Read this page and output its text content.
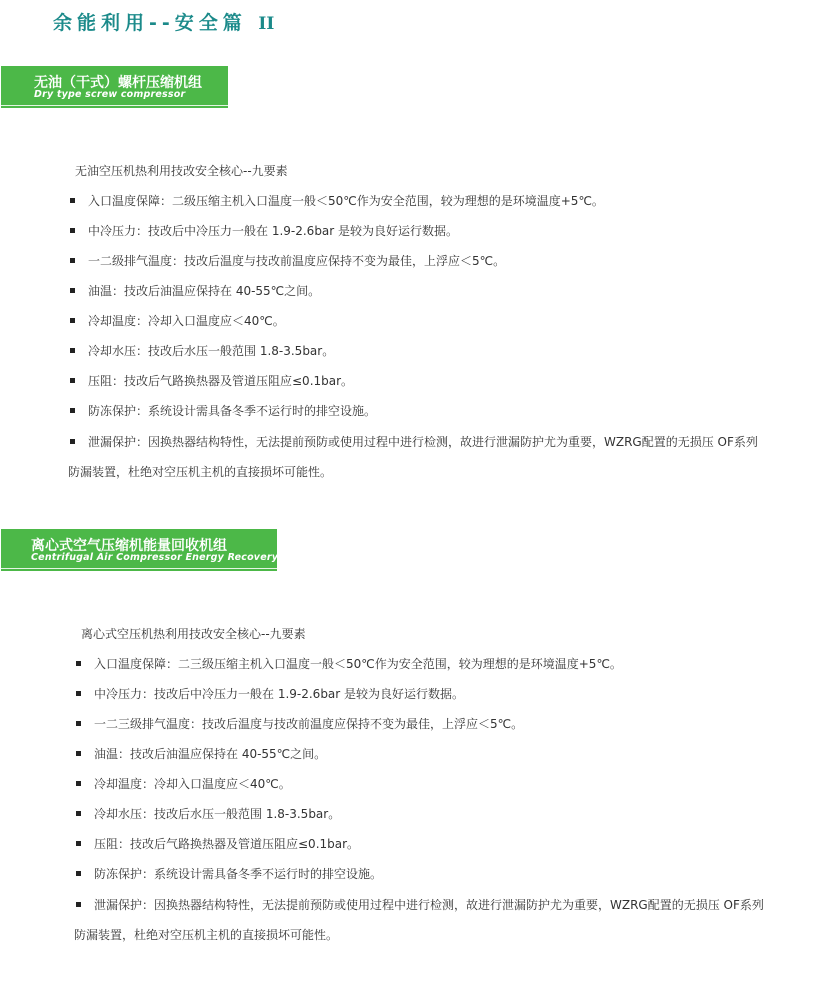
余能利用--安全篇 II
无油（干式）螺杆压缩机组
Dry type screw compressor
无油空压机热利用技改安全核心--九要素
入口温度保障：二级压缩主机入口温度一般＜50℃作为安全范围，较为理想的是环境温度+5℃。
中冷压力：技改后中冷压力一般在 1.9-2.6bar 是较为良好运行数据。
一二级排气温度：技改后温度与技改前温度应保持不变为最佳，上浮应＜5℃。
油温：技改后油温应保持在 40-55℃之间。
冷却温度：冷却入口温度应＜40℃。
冷却水压：技改后水压一般范围 1.8-3.5bar。
压阻：技改后气路换热器及管道压阻应≤0.1bar。
防冻保护：系统设计需具备冬季不运行时的排空设施。
泄漏保护：因换热器结构特性，无法提前预防或使用过程中进行检测，故进行泄漏防护尤为重要，WZRG配置的无损压 OF系列防漏装置，杜绝对空压机主机的直接损坏可能性。
离心式空气压缩机能量回收机组
Centrifugal Air Compressor Energy Recovery
离心式空压机热利用技改安全核心--九要素
入口温度保障：二三级压缩主机入口温度一般＜50℃作为安全范围，较为理想的是环境温度+5℃。
中冷压力：技改后中冷压力一般在 1.9-2.6bar 是较为良好运行数据。
一二三级排气温度：技改后温度与技改前温度应保持不变为最佳，上浮应＜5℃。
油温：技改后油温应保持在 40-55℃之间。
冷却温度：冷却入口温度应＜40℃。
冷却水压：技改后水压一般范围 1.8-3.5bar。
压阻：技改后气路换热器及管道压阻应≤0.1bar。
防冻保护：系统设计需具备冬季不运行时的排空设施。
泄漏保护：因换热器结构特性，无法提前预防或使用过程中进行检测，故进行泄漏防护尤为重要，WZRG配置的无损压 OF系列防漏装置，杜绝对空压机主机的直接损坏可能性。
